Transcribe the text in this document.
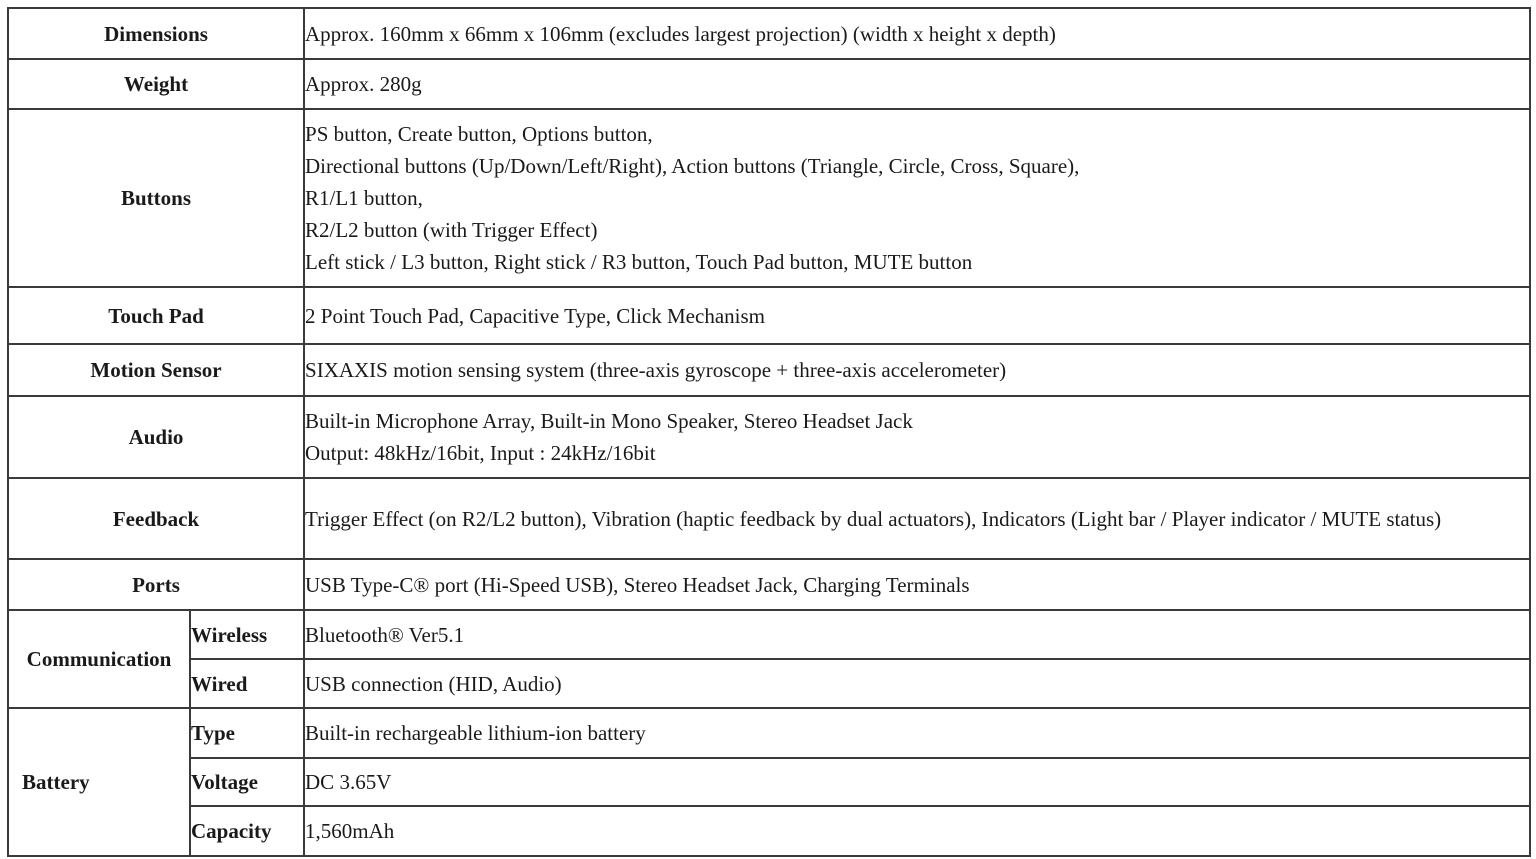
Dimensions		Approx. 160mm x 66mm x 106mm (excludes largest projection) (width x height x depth)
Weight		Approx. 280g
Buttons		PS button, Create button, Options button,
Directional buttons (Up/Down/Left/Right), Action buttons (Triangle, Circle, Cross, Square),
R1/L1 button,
R2/L2 button (with Trigger Effect)
Left stick / L3 button, Right stick / R3 button, Touch Pad button, MUTE button

Touch Pad		2 Point Touch Pad, Capacitive Type, Click Mechanism
Motion Sensor		SIXAXIS motion sensing system (three-axis gyroscope + three-axis accelerometer)
Audio		Built-in Microphone Array, Built-in Mono Speaker, Stereo Headset Jack
Output: 48kHz/16bit, Input : 24kHz/16bit

Feedback		Trigger Effect (on R2/L2 button), Vibration (haptic feedback by dual actuators), Indicators (Light bar / Player indicator / MUTE status)
Ports		USB Type-C® port (Hi-Speed USB), Stereo Headset Jack, Charging Terminals
Communication	Wireless	Bluetooth® Ver5.1
	Wired	USB connection (HID, Audio)
Battery	Type	Built-in rechargeable lithium-ion battery
	Voltage	DC 3.65V
	Capacity	1,560mAh
